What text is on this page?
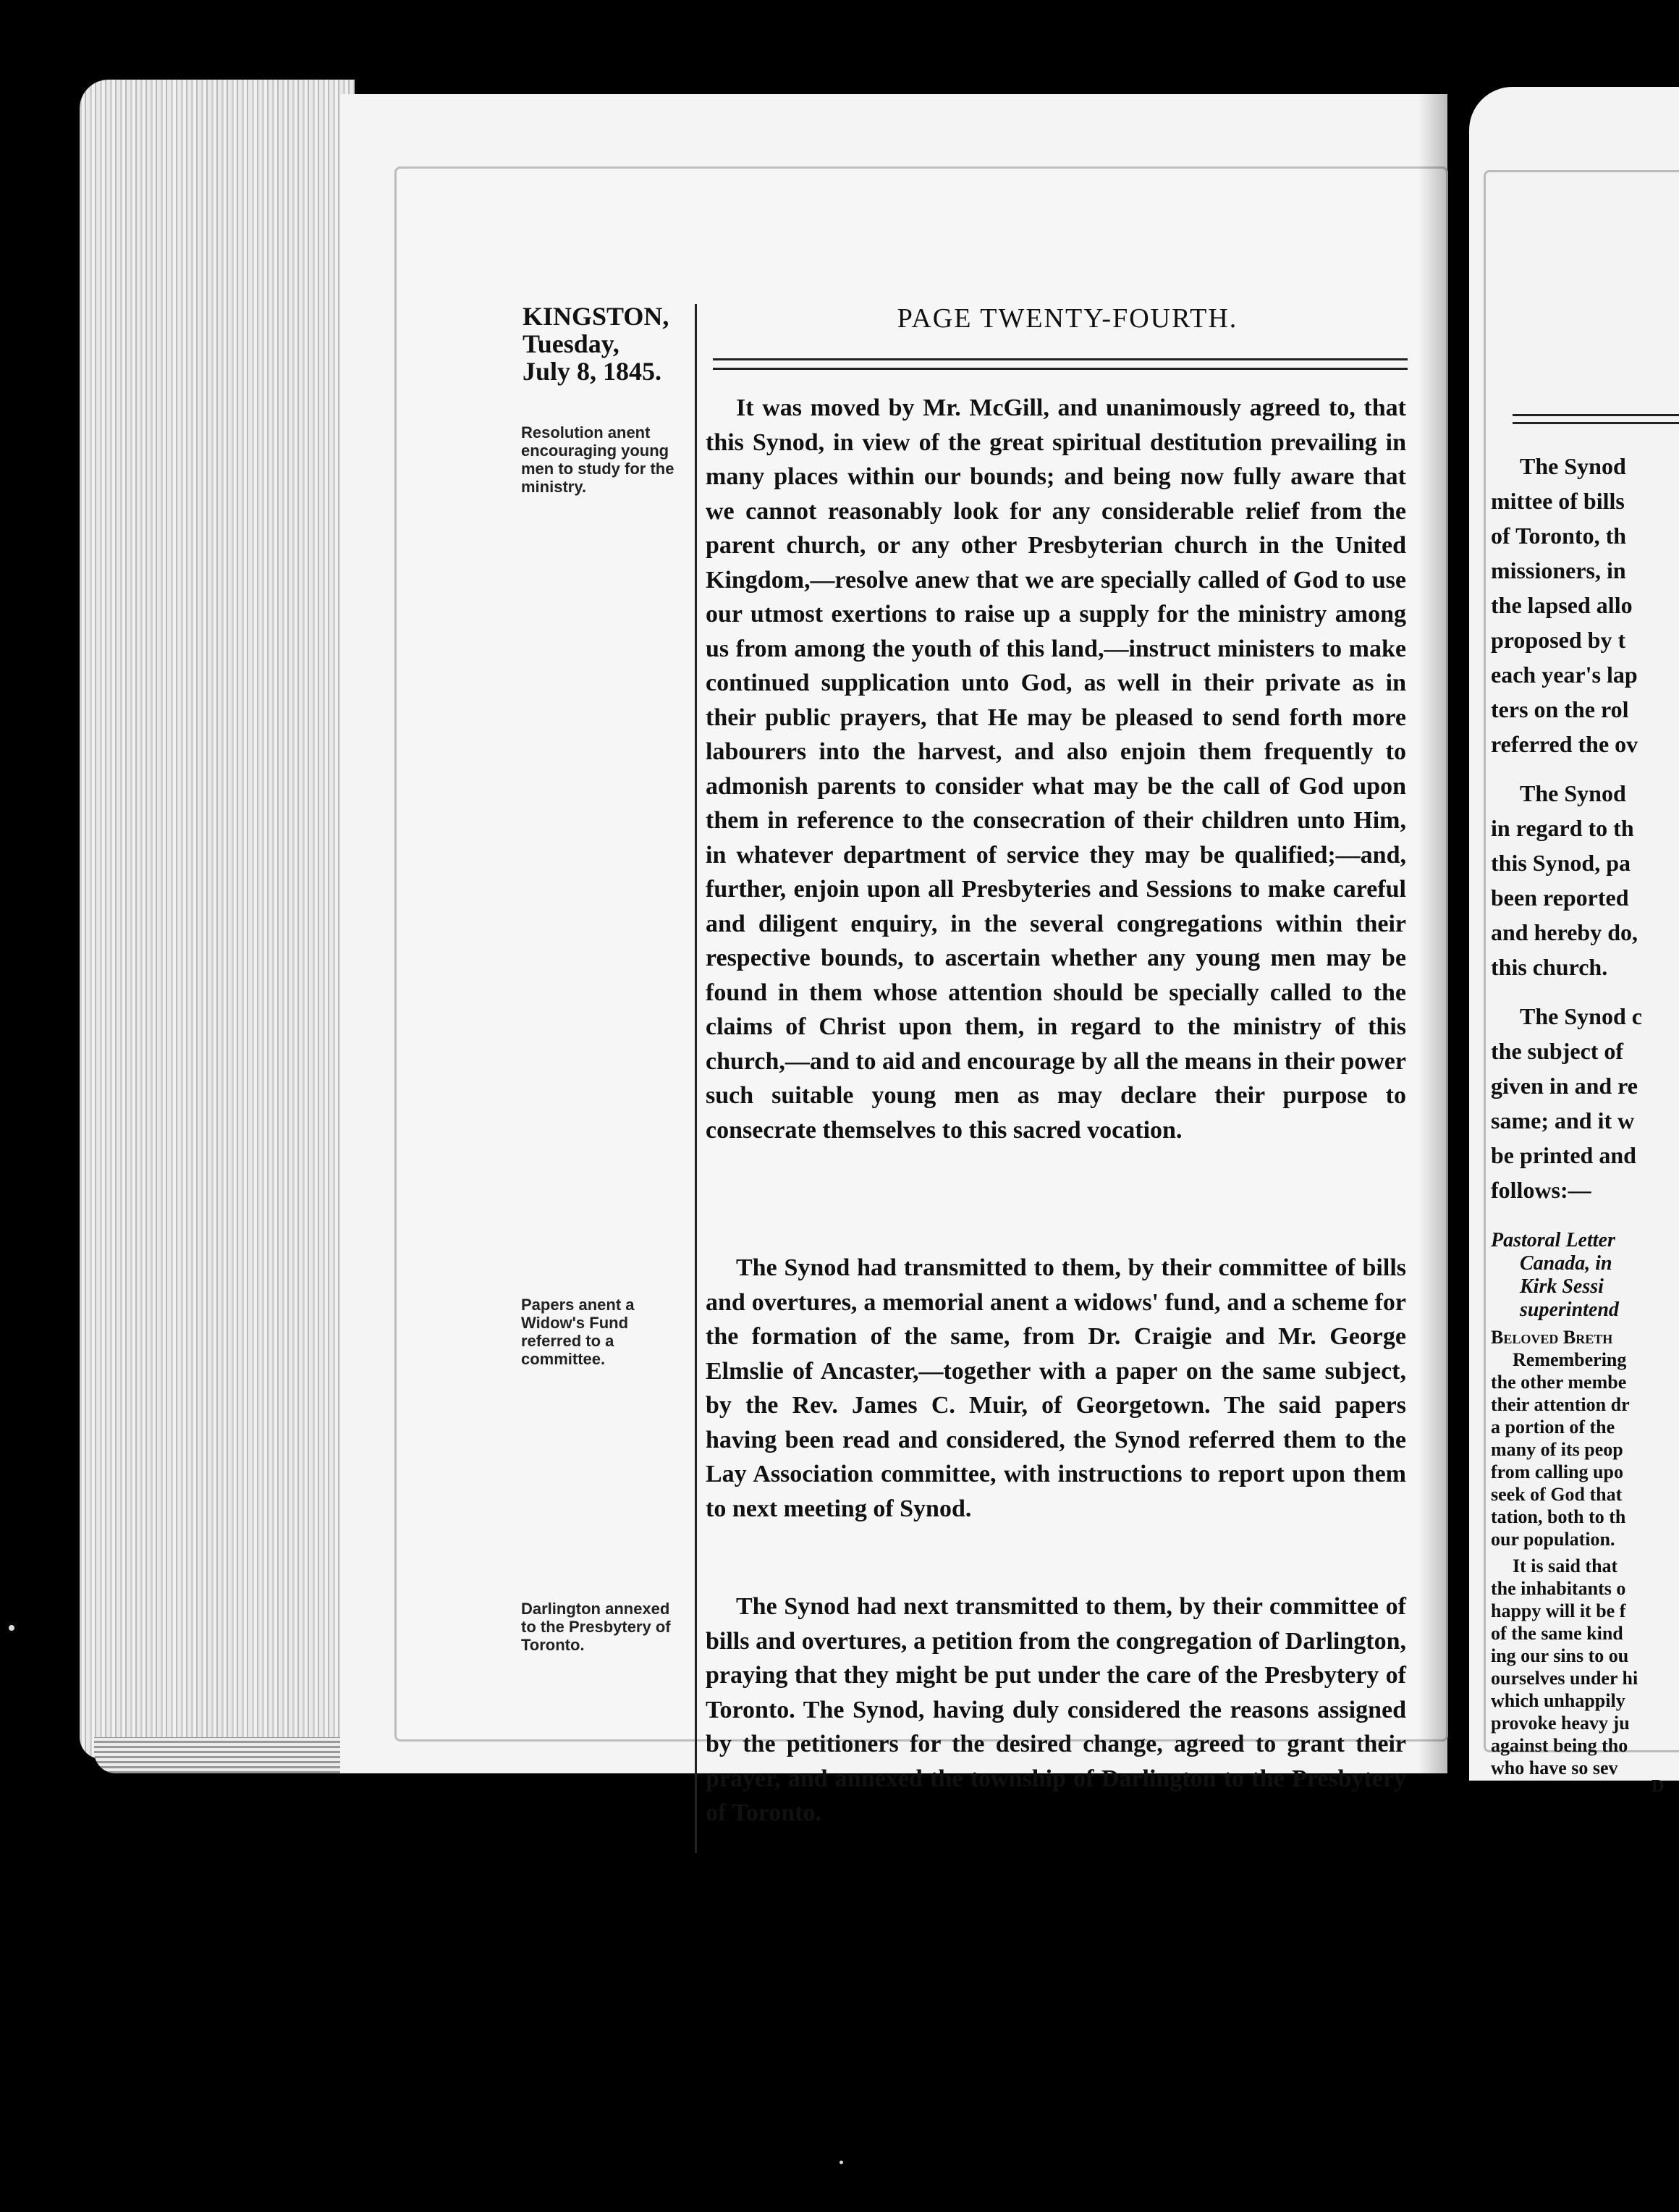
KINGSTON,
Tuesday,
July 8, 1845.
PAGE TWENTY-FOURTH.
Resolution anent encouraging young men to study for the ministry.
Papers anent a Widow's Fund referred to a committee.
Darlington annexed to the Presbytery of Toronto.

It was moved by Mr. McGill, and unanimously agreed to, that this Synod, in view of the great spiritual destitution prevailing in many places within our bounds; and being now fully aware that we cannot reasonably look for any considerable relief from the parent church, or any other Presbyterian church in the United Kingdom,—resolve anew that we are specially called of God to use our utmost exertions to raise up a supply for the ministry among us from among the youth of this land,—instruct ministers to make continued supplication unto God, as well in their private as in their public prayers, that He may be pleased to send forth more labourers into the harvest, and also enjoin them frequently to admonish parents to consider what may be the call of God upon them in reference to the consecration of their children unto Him, in whatever department of service they may be qualified;—and, further, enjoin upon all Presbyteries and Sessions to make careful and diligent enquiry, in the several congregations within their respective bounds, to ascertain whether any young men may be found in them whose attention should be specially called to the claims of Christ upon them, in regard to the ministry of this church,—and to aid and encourage by all the means in their power such suitable young men as may declare their purpose to consecrate themselves to this sacred vocation.

The Synod had transmitted to them, by their committee of bills and overtures, a memorial anent a widows' fund, and a scheme for the formation of the same, from Dr. Craigie and Mr. George Elmslie of Ancaster,—together with a paper on the same subject, by the Rev. James C. Muir, of Georgetown. The said papers having been read and considered, the Synod referred them to the Lay Association committee, with instructions to report upon them to next meeting of Synod.

The Synod had next transmitted to them, by their committee of bills and overtures, a petition from the congregation of Darlington, praying that they might be put under the care of the Presbytery of Toronto. The Synod, having duly considered the reasons assigned by the petitioners for the desired change, agreed to grant their prayer, and annexed the township of Darlington to the Presbytery of Toronto.

The Synod
mittee of bills
of Toronto, th
missioners, in
the lapsed allo
proposed by t
each year's lap
ters on the rol
referred the ov
The Synod
in regard to th
this Synod, pa
been reported
and hereby do,
this church.
The Synod c
the subject of
given in and re
same; and it w
be printed and
follows:—
Pastoral Letter
Canada, in
Kirk Sessi
superintend
Beloved Breth
Remembering
the other membe
their attention dr
a portion of the
many of its peop
from calling upo
seek of God that
tation, both to th
our population.
It is said that
the inhabitants o
happy will it be f
of the same kind
ing our sins to ou
ourselves under hi
which unhappily
provoke heavy ju
against being tho
who have so sev
D
